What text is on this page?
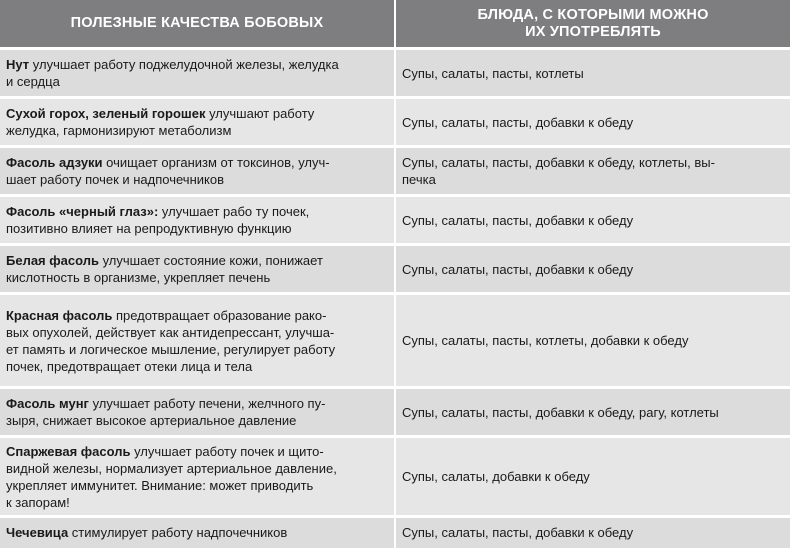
ПОЛЕЗНЫЕ КАЧЕСТВА БОБОВЫХ	БЛЮДА, С КОТОРЫМИ МОЖНО
ИХ УПОТРЕБЛЯТЬ
Нут улучшает работу поджелудочной железы, желудка
и сердца	Супы, салаты, пасты, котлеты
Сухой горох, зеленый горошек улучшают работу
желудка, гармонизируют метаболизм	Супы, салаты, пасты, добавки к обеду
Фасоль адзуки очищает организм от токсинов, улуч-
шает работу почек и надпочечников	Супы, салаты, пасты, добавки к обеду, котлеты, вы-
печка
Фасоль «черный глаз»: улучшает рабо ту почек,
позитивно влияет на репродуктивную функцию	Супы, салаты, пасты, добавки к обеду
Белая фасоль улучшает состояние кожи, понижает
кислотность в организме, укрепляет печень	Супы, салаты, пасты, добавки к обеду
Красная фасоль предотвращает образование рако-
вых опухолей, действует как антидепрессант, улучша-
ет память и логическое мышление, регулирует работу
почек, предотвращает отеки лица и тела	Супы, салаты, пасты, котлеты, добавки к обеду
Фасоль мунг улучшает работу печени, желчного пу-
зыря, снижает высокое артериальное давление	Супы, салаты, пасты, добавки к обеду, рагу, котлеты
Спаржевая фасоль улучшает работу почек и щито-
видной железы, нормализует артериальное давление,
укрепляет иммунитет. Внимание: может приводить
к запорам!	Супы, салаты, добавки к обеду
Чечевица стимулирует работу надпочечников	Супы, салаты, пасты, добавки к обеду
